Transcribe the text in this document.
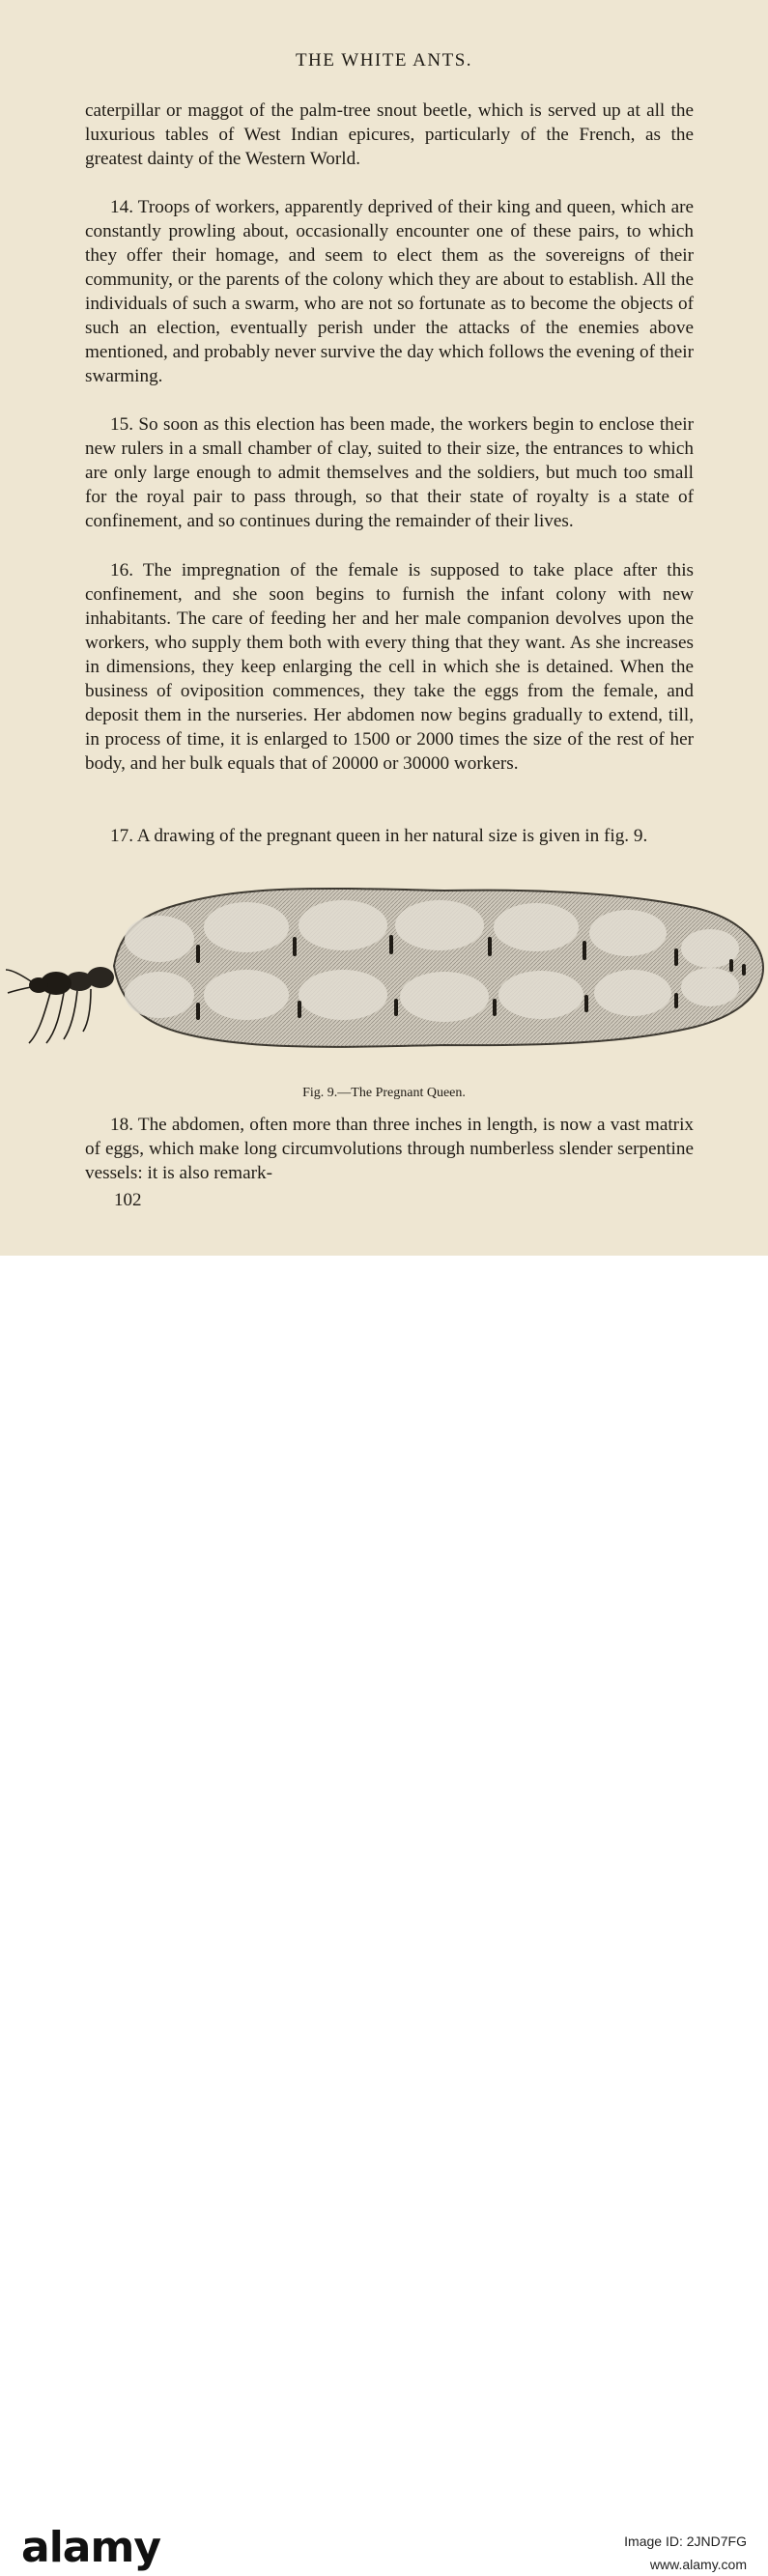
THE WHITE ANTS.

caterpillar or maggot of the palm-tree snout beetle, which is served up at all the luxurious tables of West Indian epicures, particularly of the French, as the greatest dainty of the Western World.

14. Troops of workers, apparently deprived of their king and queen, which are constantly prowling about, occasionally encounter one of these pairs, to which they offer their homage, and seem to elect them as the sovereigns of their community, or the parents of the colony which they are about to establish. All the individuals of such a swarm, who are not so fortunate as to become the objects of such an election, eventually perish under the attacks of the enemies above mentioned, and probably never survive the day which follows the evening of their swarming.

15. So soon as this election has been made, the workers begin to enclose their new rulers in a small chamber of clay, suited to their size, the entrances to which are only large enough to admit themselves and the soldiers, but much too small for the royal pair to pass through, so that their state of royalty is a state of confinement, and so continues during the remainder of their lives.

16. The impregnation of the female is supposed to take place after this confinement, and she soon begins to furnish the infant colony with new inhabitants. The care of feeding her and her male companion devolves upon the workers, who supply them both with every thing that they want. As she increases in dimensions, they keep enlarging the cell in which she is detained. When the business of oviposition commences, they take the eggs from the female, and deposit them in the nurseries. Her abdomen now begins gradually to extend, till, in process of time, it is enlarged to 1500 or 2000 times the size of the rest of her body, and her bulk equals that of 20000 or 30000 workers.

17. A drawing of the pregnant queen in her natural size is given in fig. 9.

Fig. 9.—The Pregnant Queen.

18. The abdomen, often more than three inches in length, is now a vast matrix of eggs, which make long circumvolutions through numberless slender serpentine vessels: it is also remark-

102
alamy	Image ID: 2JND7FG
www.alamy.com
